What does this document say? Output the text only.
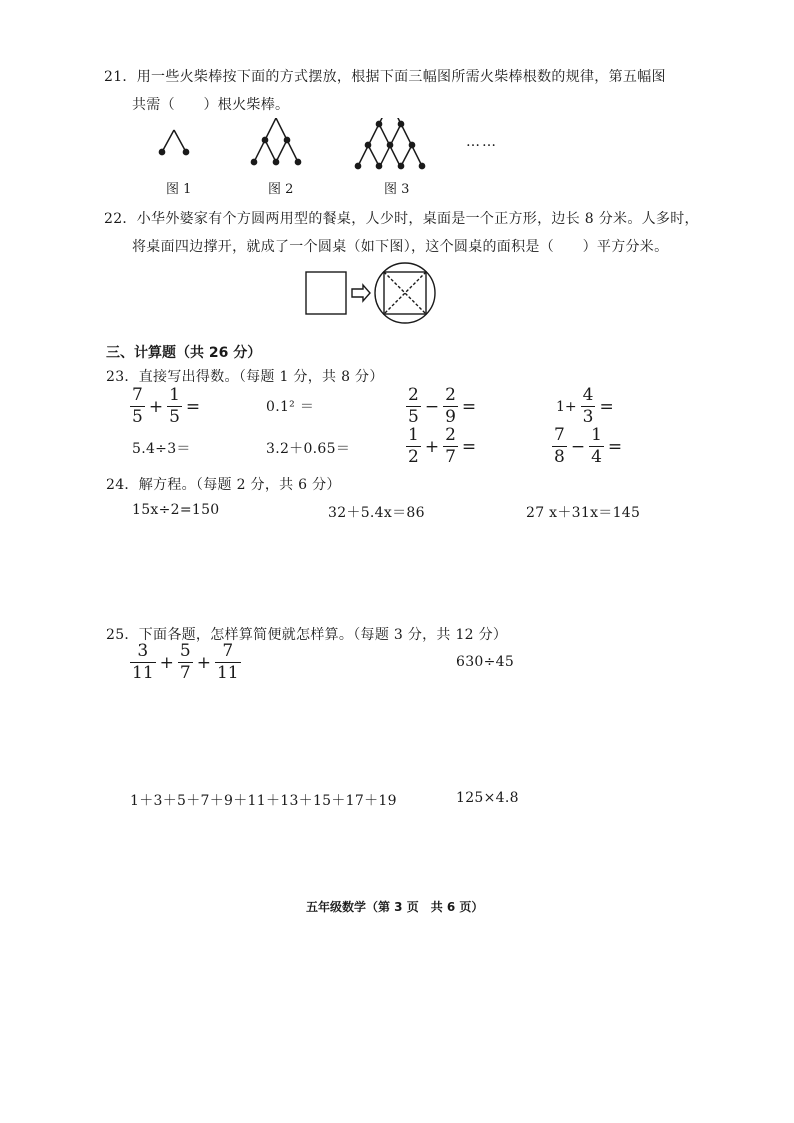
21．用一些火柴棒按下面的方式摆放，根据下面三幅图所需火柴棒根数的规律，第五幅图
共需（　　）根火柴棒。
……
图 1	图 2	图 3
22．小华外婆家有个方圆两用型的餐桌，人少时，桌面是一个正方形，边长 8 分米。人多时，
将桌面四边撑开，就成了一个圆桌（如下图），这个圆桌的面积是（　　）平方分米。
三、计算题（共 26 分）
23．直接写出得数。（每题 1 分，共 8 分）
$\frac{7}{5} + \frac{1}{5}$ =	0.1² ＝	$\frac{2}{5} - \frac{2}{9}$ =	$1+ \frac{4}{3}$ =
5.4÷3＝	3.2＋0.65＝	$\frac{1}{2} + \frac{2}{7}$ =	$\frac{7}{8} - \frac{1}{4}$ =
24．解方程。（每题 2 分，共 6 分）
15x÷2=150	32＋5.4x＝86	27 x＋31x＝145
25．下面各题，怎样算简便就怎样算。（每题 3 分，共 12 分）
$\frac{3}{11} + \frac{5}{7} + \frac{7}{11}$	630÷45
1＋3＋5＋7＋9＋11＋13＋15＋17＋19	125×4.8
五年级数学（第 3 页　共 6 页）
